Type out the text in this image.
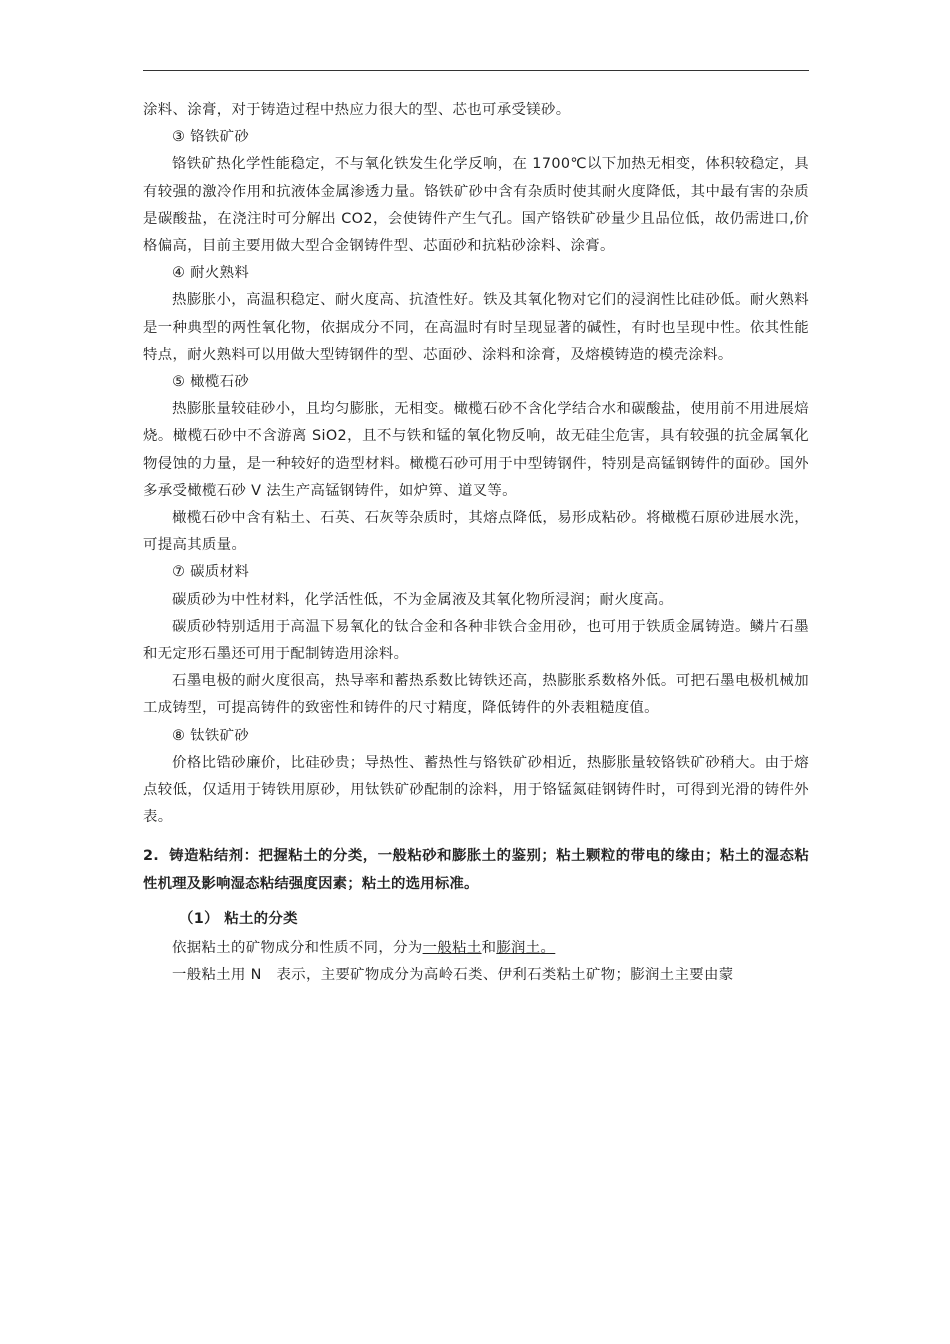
涂料、涂膏，对于铸造过程中热应力很大的型、芯也可承受镁砂。

③ 铬铁矿砂

铬铁矿热化学性能稳定，不与氧化铁发生化学反响，在 1700℃以下加热无相变，体积较稳定，具有较强的激冷作用和抗液体金属渗透力量。铬铁矿砂中含有杂质时使其耐火度降低，其中最有害的杂质是碳酸盐，在浇注时可分解出 CO2，会使铸件产生气孔。国产铬铁矿砂量少且品位低，故仍需进口,价格偏高，目前主要用做大型合金钢铸件型、芯面砂和抗粘砂涂料、涂膏。

④ 耐火熟料

热膨胀小，高温积稳定、耐火度高、抗渣性好。铁及其氧化物对它们的浸润性比硅砂低。耐火熟料是一种典型的两性氧化物，依据成分不同，在高温时有时呈现显著的碱性，有时也呈现中性。依其性能特点，耐火熟料可以用做大型铸钢件的型、芯面砂、涂料和涂膏，及熔模铸造的模壳涂料。

⑤ 橄榄石砂

热膨胀量较硅砂小，且均匀膨胀，无相变。橄榄石砂不含化学结合水和碳酸盐，使用前不用进展焙烧。橄榄石砂中不含游离 SiO2，且不与铁和锰的氧化物反响，故无硅尘危害，具有较强的抗金属氧化物侵蚀的力量，是一种较好的造型材料。橄榄石砂可用于中型铸钢件，特别是高锰钢铸件的面砂。国外多承受橄榄石砂 V 法生产高锰钢铸件，如炉箅、道叉等。

橄榄石砂中含有粘土、石英、石灰等杂质时，其熔点降低，易形成粘砂。将橄榄石原砂进展水洗，可提高其质量。

⑦ 碳质材料

碳质砂为中性材料，化学活性低，不为金属液及其氧化物所浸润；耐火度高。

碳质砂特别适用于高温下易氧化的钛合金和各种非铁合金用砂，也可用于铁质金属铸造。鳞片石墨和无定形石墨还可用于配制铸造用涂料。

石墨电极的耐火度很高，热导率和蓄热系数比铸铁还高，热膨胀系数格外低。可把石墨电极机械加工成铸型，可提高铸件的致密性和铸件的尺寸精度，降低铸件的外表粗糙度值。

⑧ 钛铁矿砂

价格比锆砂廉价，比硅砂贵；导热性、蓄热性与铬铁矿砂相近，热膨胀量较铬铁矿砂稍大。由于熔点较低，仅适用于铸铁用原砂，用钛铁矿砂配制的涂料，用于铬锰氮硅钢铸件时，可得到光滑的铸件外表。

2. 铸造粘结剂：把握粘土的分类，一般粘砂和膨胀土的鉴别；粘土颗粒的带电的缘由；粘土的湿态粘性机理及影响湿态粘结强度因素；粘土的选用标准。

（1） 粘土的分类

依据粘土的矿物成分和性质不同，分为一般粘土和膨润土。

一般粘土用 N　表示，主要矿物成分为高岭石类、伊利石类粘土矿物；膨润土主要由蒙
